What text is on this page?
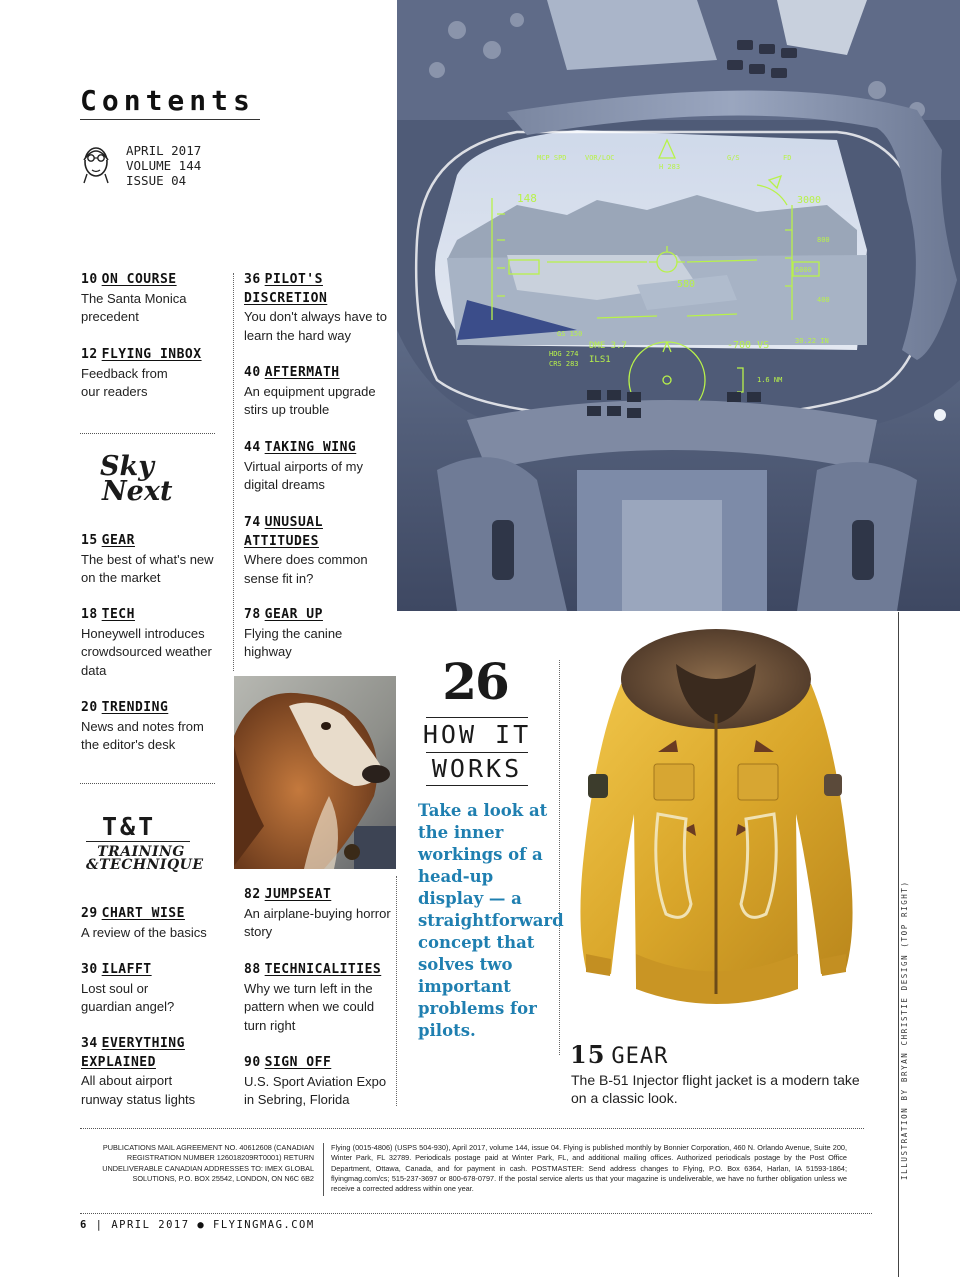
Contents
APRIL 2017
VOLUME 144
ISSUE 04
10 ON COURSE
The Santa Monica precedent
12 FLYING INBOX
Feedback from our readers
Sky
Next
15 GEAR
The best of what's new on the market
18 TECH
Honeywell introduces crowdsourced weather data
20 TRENDING
News and notes from the editor's desk
T&T
TRAINING
&TECHNIQUE
29 CHART WISE
A review of the basics
30 ILAFFT
Lost soul or guardian angel?
34 EVERYTHING EXPLAINED
All about airport runway status lights
36 PILOT'S DISCRETION
You don't always have to learn the hard way
40 AFTERMATH
An equipment upgrade stirs up trouble
44 TAKING WING
Virtual airports of my digital dreams
74 UNUSUAL ATTITUDES
Where does common sense fit in?
78 GEAR UP
Flying the canine highway
82 JUMPSEAT
An airplane-buying horror story
88 TECHNICALITIES
Why we turn left in the pattern when we could turn right
90 SIGN OFF
U.S. Sport Aviation Expo in Sebring, Florida
MCP SPD	VOR/LOC	G/S	FD
H 283
148	3000
6000
800
400
580
-700 VS	30.22 IN
DME 3.7
ILS1
HDG 274
CRS 283
GS 150
1.6 NM
26
HOW IT
WORKS
Take a look at the inner workings of a head-up display — a straightforward concept that solves two important problems for pilots.
15 GEAR
The B-51 Injector flight jacket is a modern take on a classic look.	ILLUSTRATION BY BRYAN CHRISTIE DESIGN (TOP RIGHT)
PUBLICATIONS MAIL AGREEMENT NO. 40612608 (CANADIAN REGISTRATION NUMBER 126018209RT0001) RETURN UNDELIVERABLE CANADIAN ADDRESSES TO: IMEX GLOBAL SOLUTIONS, P.O. BOX 25542, LONDON, ON N6C 6B2
Flying (0015-4806) (USPS 504-930), April 2017, volume 144, issue 04. Flying is published monthly by Bonnier Corporation, 460 N. Orlando Avenue, Suite 200, Winter Park, FL 32789. Periodicals postage paid at Winter Park, FL, and additional mailing offices. Authorized periodicals postage by the Post Office Department, Ottawa, Canada, and for payment in cash. POSTMASTER: Send address changes to Flying, P.O. Box 6364, Harlan, IA 51593-1864; flyingmag.com/cs; 515-237-3697 or 800-678-0797. If the postal service alerts us that your magazine is undeliverable, we have no further obligation unless we receive a corrected address within one year.
6 | APRIL 2017 ● FLYINGMAG.COM
